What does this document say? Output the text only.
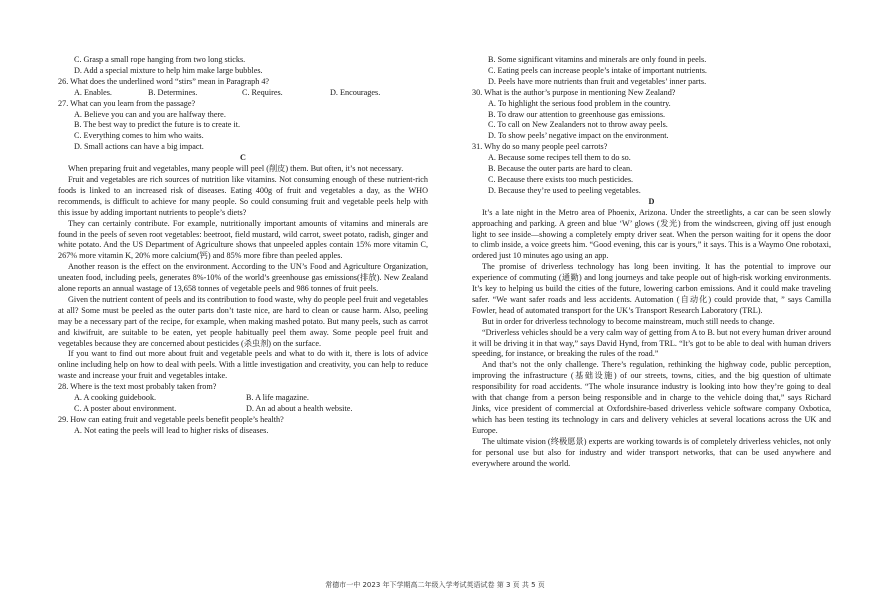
C. Grasp a small rope hanging from two long sticks.

D. Add a special mixture to help him make large bubbles.

26. What does the underlined word “stirs” mean in Paragraph 4?

A. Enables.	B. Determines.	C. Requires.	D. Encourages.

27. What can you learn from the passage?

A. Believe you can and you are halfway there.

B. The best way to predict the future is to create it.

C. Everything comes to him who waits.

D. Small actions can have a big impact.

C

When preparing fruit and vegetables, many people will peel (削皮) them. But often, it’s not necessary.

Fruit and vegetables are rich sources of nutrition like vitamins. Not consuming enough of these nutrient-rich foods is linked to an increased risk of diseases. Eating 400g of fruit and vegetables a day, as the WHO recommends, is difficult to achieve for many people. So could consuming fruit and vegetable peels help with this issue by adding important nutrients to people’s diets?

They can certainly contribute. For example, nutritionally important amounts of vitamins and minerals are found in the peels of seven root vegetables: beetroot, field mustard, wild carrot, sweet potato, radish, ginger and white potato. And the US Department of Agriculture shows that unpeeled apples contain 15% more vitamin C, 267% more vitamin K, 20% more calcium(钙) and 85% more fibre than peeled apples.

Another reason is the effect on the environment. According to the UN’s Food and Agriculture Organization, uneaten food, including peels, generates 8%-10% of the world’s greenhouse gas emissions(排放). New Zealand alone reports an annual wastage of 13,658 tonnes of vegetable peels and 986 tonnes of fruit peels.

Given the nutrient content of peels and its contribution to food waste, why do people peel fruit and vegetables at all? Some must be peeled as the outer parts don’t taste nice, are hard to clean or cause harm. Also, peeling may be a necessary part of the recipe, for example, when making mashed potato. But many peels, such as carrot and kiwifruit, are suitable to be eaten, yet people habitually peel them away. Some people peel fruit and vegetables because they are concerned about pesticides (杀虫剂) on the surface.

If you want to find out more about fruit and vegetable peels and what to do with it, there is lots of advice online including help on how to deal with peels. With a little investigation and creativity, you can help to reduce waste and increase your fruit and vegetables intake.

28. Where is the text most probably taken from?

A. A cooking guidebook.	B. A life magazine.
C. A poster about environment.	D. An ad about a health website.

29. How can eating fruit and vegetable peels benefit people’s health?

A. Not eating the peels will lead to higher risks of diseases.

B. Some significant vitamins and minerals are only found in peels.

C. Eating peels can increase people’s intake of important nutrients.

D. Peels have more nutrients than fruit and vegetables’ inner parts.

30. What is the author’s purpose in mentioning New Zealand?

A. To highlight the serious food problem in the country.

B. To draw our attention to greenhouse gas emissions.

C. To call on New Zealanders not to throw away peels.

D. To show peels’ negative impact on the environment.

31. Why do so many people peel carrots?

A. Because some recipes tell them to do so.

B. Because the outer parts are hard to clean.

C. Because there exists too much pesticides.

D. Because they’re used to peeling vegetables.

D

It’s a late night in the Metro area of Phoenix, Arizona. Under the streetlights, a car can be seen slowly approaching and parking. A green and blue ‘W’ glows (发光) from the windscreen, giving off just enough light to see inside—showing a completely empty driver seat. When the person waiting for it opens the door to climb inside, a voice greets him. “Good evening, this car is yours,” it says. This is a Waymo One robotaxi, ordered just 10 minutes ago using an app.

The promise of driverless technology has long been inviting. It has the potential to improve our experience of commuting (通勤) and long journeys and take people out of high-risk working environments. It’s key to helping us build the cities of the future, lowering carbon emissions. And it could make traveling safer. “We want safer roads and less accidents. Automation (自动化) could provide that, ” says Camilla Fowler, head of automated transport for the UK’s Transport Research Laboratory (TRL).

But in order for driverless technology to become mainstream, much still needs to change.

“Driverless vehicles should be a very calm way of getting from A to B. but not every human driver around it will be driving it in that way,” says David Hynd, from TRL. “It’s got to be able to deal with human drivers speeding, for instance, or breaking the rules of the road.”

And that’s not the only challenge. There’s regulation, rethinking the highway code, public perception, improving the infrastructure (基础设施) of our streets, towns, cities, and the big question of ultimate responsibility for road accidents. “The whole insurance industry is looking into how they’re going to deal with that change from a person being responsible and in charge to the vehicle doing that,” says Richard Jinks, vice president of commercial at Oxfordshire-based driverless vehicle software company Oxbotica, which has been testing its technology in cars and delivery vehicles at several locations across the UK and Europe.

The ultimate vision (终极愿景) experts are working towards is of completely driverless vehicles, not only for personal use but also for industry and wider transport networks, that can be used anywhere and everywhere around the world.

常德市一中 2023 年下学期高二年级入学考试英语试卷 第 3 页 共 5 页
